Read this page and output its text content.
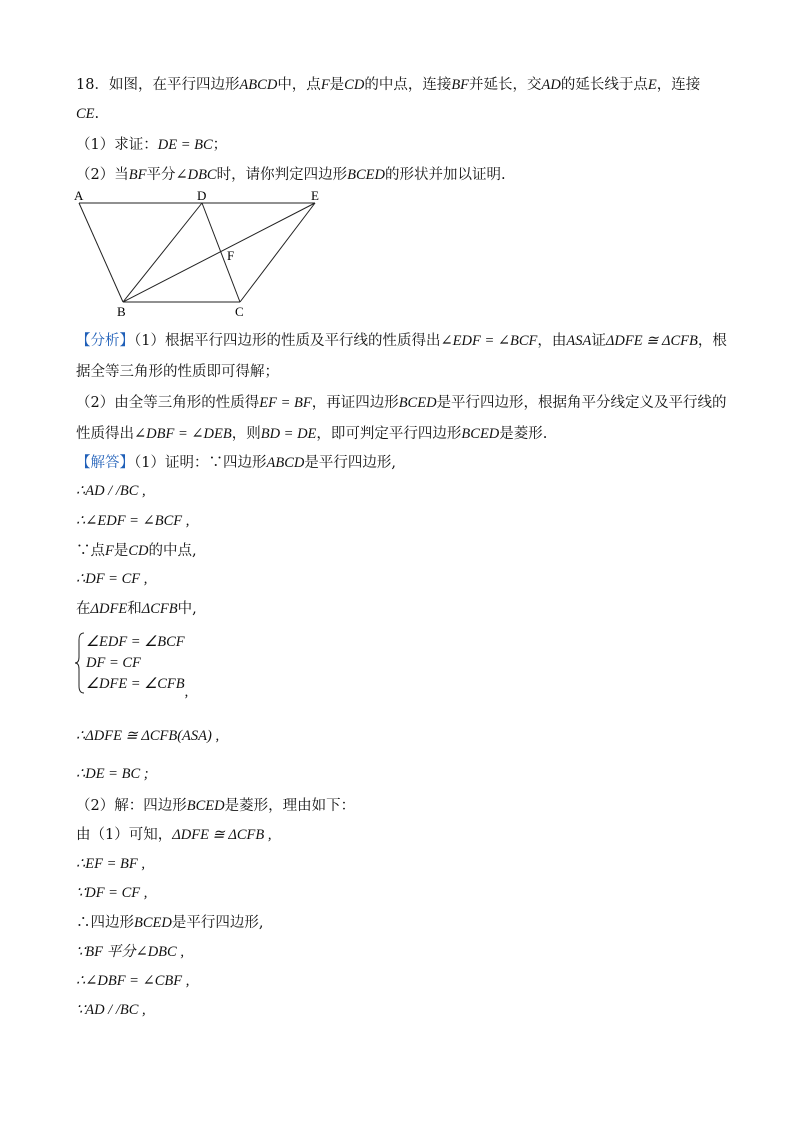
18．如图，在平行四边形ABCD中，点F是CD的中点，连接BF并延长，交AD的延长线于点E，连接
CE.
（1）求证：DE = BC；
（2）当BF平分∠DBC时，请你判定四边形BCED的形状并加以证明.
A	D	E
F
B	C
【分析】（1）根据平行四边形的性质及平行线的性质得出∠EDF = ∠BCF，由ASA证ΔDFE ≅ ΔCFB，根
据全等三角形的性质即可得解；
（2）由全等三角形的性质得EF = BF，再证四边形BCED是平行四边形，根据角平分线定义及平行线的
性质得出∠DBF = ∠DEB，则BD = DE，即可判定平行四边形BCED是菱形.
【解答】（1）证明：∵四边形ABCD是平行四边形,
∴AD / /BC ,
∴∠EDF = ∠BCF ,
∵点F是CD的中点,
∴DF = CF ,
在ΔDFE和ΔCFB中,
∠EDF = ∠BCF
DF = CF
∠DFE = ∠CFB,
∴ΔDFE ≅ ΔCFB(ASA) ,
∴DE = BC ;
（2）解：四边形BCED是菱形，理由如下：
由（1）可知，ΔDFE ≅ ΔCFB ,
∴EF = BF ,
∵DF = CF ,
∴四边形BCED是平行四边形,
∵BF 平分∠DBC ,
∴∠DBF = ∠CBF ,
∵AD / /BC ,
